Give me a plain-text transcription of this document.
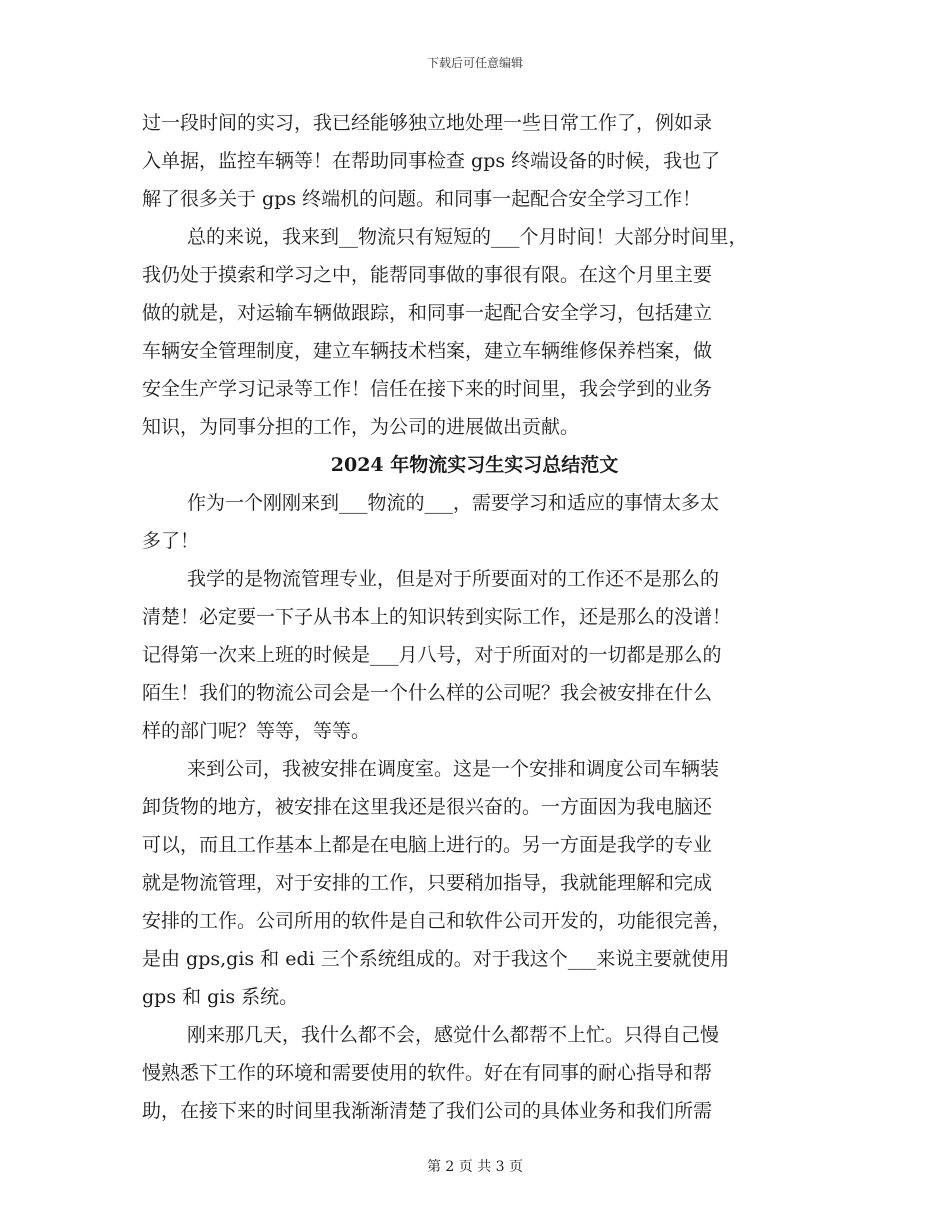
下载后可任意编辑
过一段时间的实习，我已经能够独立地处理一些日常工作了，例如录
入单据，监控车辆等！在帮助同事检查 gps 终端设备的时候，我也了
解了很多关于 gps 终端机的问题。和同事一起配合安全学习工作！
总的来说，我来到__物流只有短短的___个月时间！大部分时间里，
我仍处于摸索和学习之中，能帮同事做的事很有限。在这个月里主要
做的就是，对运输车辆做跟踪，和同事一起配合安全学习，包括建立
车辆安全管理制度，建立车辆技术档案，建立车辆维修保养档案，做
安全生产学习记录等工作！信任在接下来的时间里，我会学到的业务
知识，为同事分担的工作，为公司的进展做出贡献。
2024 年物流实习生实习总结范文
作为一个刚刚来到___物流的___，需要学习和适应的事情太多太
多了！
我学的是物流管理专业，但是对于所要面对的工作还不是那么的
清楚！必定要一下子从书本上的知识转到实际工作，还是那么的没谱！
记得第一次来上班的时候是___月八号，对于所面对的一切都是那么的
陌生！我们的物流公司会是一个什么样的公司呢？我会被安排在什么
样的部门呢？等等，等等。
来到公司，我被安排在调度室。这是一个安排和调度公司车辆装
卸货物的地方，被安排在这里我还是很兴奋的。一方面因为我电脑还
可以，而且工作基本上都是在电脑上进行的。另一方面是我学的专业
就是物流管理，对于安排的工作，只要稍加指导，我就能理解和完成
安排的工作。公司所用的软件是自己和软件公司开发的，功能很完善，
是由 gps,gis 和 edi 三个系统组成的。对于我这个___来说主要就使用
gps 和 gis 系统。
刚来那几天，我什么都不会，感觉什么都帮不上忙。只得自己慢
慢熟悉下工作的环境和需要使用的软件。好在有同事的耐心指导和帮
助，在接下来的时间里我渐渐清楚了我们公司的具体业务和我们所需
第 2 页 共 3 页
